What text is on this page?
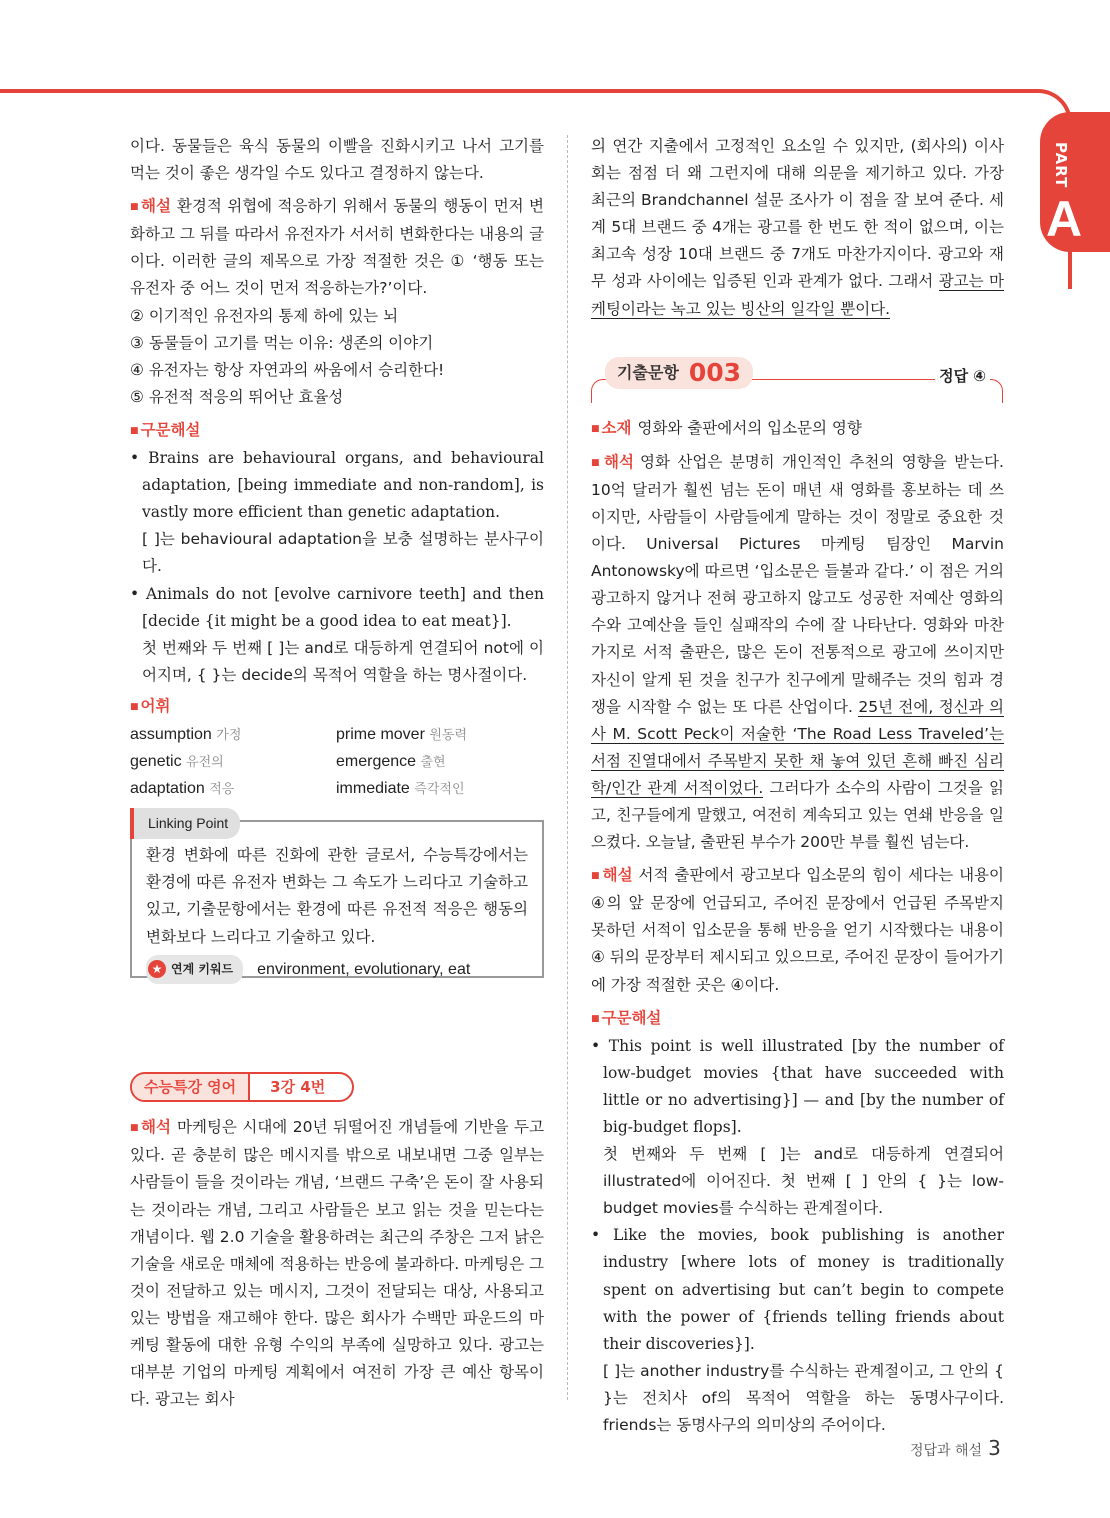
PART
A

이다. 동물들은 육식 동물의 이빨을 진화시키고 나서 고기를 먹는 것이 좋은 생각일 수도 있다고 결정하지 않는다.

■ 해설 환경적 위협에 적응하기 위해서 동물의 행동이 먼저 변화하고 그 뒤를 따라서 유전자가 서서히 변화한다는 내용의 글이다. 이러한 글의 제목으로 가장 적절한 것은 ① ‘행동 또는 유전자 중 어느 것이 먼저 적응하는가?’이다.

② 이기적인 유전자의 통제 하에 있는 뇌

③ 동물들이 고기를 먹는 이유: 생존의 이야기

④ 유전자는 항상 자연과의 싸움에서 승리한다!

⑤ 유전적 적응의 뛰어난 효율성

■ 구문해설

• Brains are behavioural organs, and behavioural adaptation, [being immediate and non-random], is vastly more efficient than genetic adaptation.

[ ]는 behavioural adaptation을 보충 설명하는 분사구이다.

• Animals do not [evolve carnivore teeth] and then [decide {it might be a good idea to eat meat}].

첫 번째와 두 번째 [ ]는 and로 대등하게 연결되어 not에 이어지며, { }는 decide의 목적어 역할을 하는 명사절이다.

■ 어휘

assumption 가정	prime mover 원동력
genetic 유전의	emergence 출현
adaptation 적응	immediate 즉각적인
Linking Point

환경 변화에 따른 진화에 관한 글로서, 수능특강에서는 환경에 따른 유전자 변화는 그 속도가 느리다고 기술하고 있고, 기출문항에서는 환경에 따른 유전적 적응은 행동의 변화보다 느리다고 기술하고 있다.

★ 연계 키워드 environment, evolutionary, eat
수능특강 영어	3강 4번

■ 해석 마케팅은 시대에 20년 뒤떨어진 개념들에 기반을 두고 있다. 곧 충분히 많은 메시지를 밖으로 내보내면 그중 일부는 사람들이 들을 것이라는 개념, ‘브랜드 구축’은 돈이 잘 사용되는 것이라는 개념, 그리고 사람들은 보고 읽는 것을 믿는다는 개념이다. 웹 2.0 기술을 활용하려는 최근의 주창은 그저 낡은 기술을 새로운 매체에 적용하는 반응에 불과하다. 마케팅은 그것이 전달하고 있는 메시지, 그것이 전달되는 대상, 사용되고 있는 방법을 재고해야 한다. 많은 회사가 수백만 파운드의 마케팅 활동에 대한 유형 수익의 부족에 실망하고 있다. 광고는 대부분 기업의 마케팅 계획에서 여전히 가장 큰 예산 항목이다. 광고는 회사

의 연간 지출에서 고정적인 요소일 수 있지만, (회사의) 이사회는 점점 더 왜 그런지에 대해 의문을 제기하고 있다. 가장 최근의 Brandchannel 설문 조사가 이 점을 잘 보여 준다. 세계 5대 브랜드 중 4개는 광고를 한 번도 한 적이 없으며, 이는 최고속 성장 10대 브랜드 중 7개도 마찬가지이다. 광고와 재무 성과 사이에는 입증된 인과 관계가 없다. 그래서 광고는 마케팅이라는 녹고 있는 빙산의 일각일 뿐이다.

기출문항 003	정답 ④

■ 소재 영화와 출판에서의 입소문의 영향

■ 해석 영화 산업은 분명히 개인적인 추천의 영향을 받는다. 10억 달러가 훨씬 넘는 돈이 매년 새 영화를 홍보하는 데 쓰이지만, 사람들이 사람들에게 말하는 것이 정말로 중요한 것이다. Universal Pictures 마케팅 팀장인 Marvin Antonowsky에 따르면 ‘입소문은 들불과 같다.’ 이 점은 거의 광고하지 않거나 전혀 광고하지 않고도 성공한 저예산 영화의 수와 고예산을 들인 실패작의 수에 잘 나타난다. 영화와 마찬가지로 서적 출판은, 많은 돈이 전통적으로 광고에 쓰이지만 자신이 알게 된 것을 친구가 친구에게 말해주는 것의 힘과 경쟁을 시작할 수 없는 또 다른 산업이다. 25년 전에, 정신과 의사 M. Scott Peck이 저술한 ‘The Road Less Traveled’는 서점 진열대에서 주목받지 못한 채 놓여 있던 흔해 빠진 심리학/인간 관계 서적이었다. 그러다가 소수의 사람이 그것을 읽고, 친구들에게 말했고, 여전히 계속되고 있는 연쇄 반응을 일으켰다. 오늘날, 출판된 부수가 200만 부를 훨씬 넘는다.

■ 해설 서적 출판에서 광고보다 입소문의 힘이 세다는 내용이 ④의 앞 문장에 언급되고, 주어진 문장에서 언급된 주목받지 못하던 서적이 입소문을 통해 반응을 얻기 시작했다는 내용이 ④ 뒤의 문장부터 제시되고 있으므로, 주어진 문장이 들어가기에 가장 적절한 곳은 ④이다.

■ 구문해설

• This point is well illustrated [by the number of low-budget movies {that have succeeded with little or no advertising}] — and [by the number of big-budget flops].

첫 번째와 두 번째 [ ]는 and로 대등하게 연결되어 illustrated에 이어진다. 첫 번째 [ ] 안의 { }는 low-budget movies를 수식하는 관계절이다.

• Like the movies, book publishing is another industry [where lots of money is traditionally spent on advertising but can’t begin to compete with the power of {friends telling friends about their discoveries}].

[ ]는 another industry를 수식하는 관계절이고, 그 안의 { }는 전치사 of의 목적어 역할을 하는 동명사구이다. friends는 동명사구의 의미상의 주어이다.

정답과 해설 3
